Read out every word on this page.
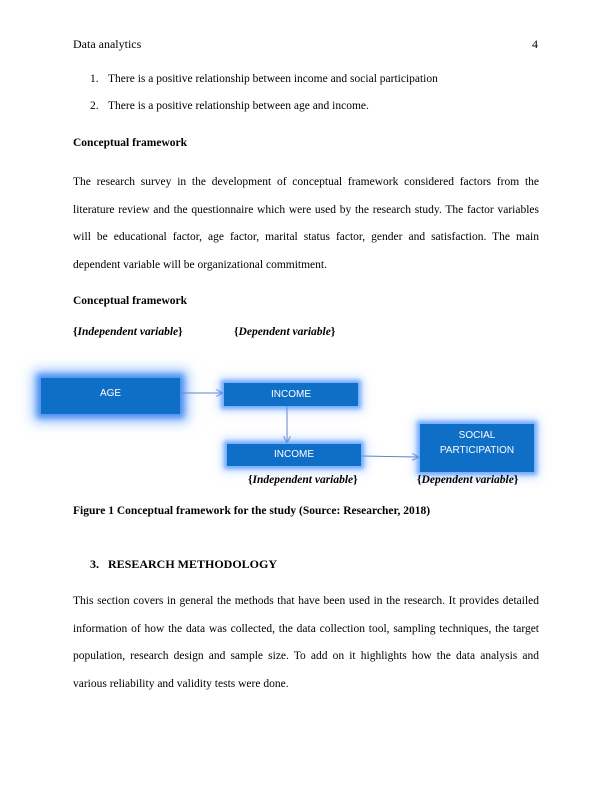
Data analytics	4
1. There is a positive relationship between income and social participation
2. There is a positive relationship between age and income.
Conceptual framework
The research survey in the development of conceptual framework considered factors from the literature review and the questionnaire which were used by the research study. The factor variables will be educational factor, age factor, marital status factor, gender and satisfaction. The main dependent variable will be organizational commitment.
Conceptual framework
{Independent variable}	{Dependent variable}
AGE	INCOME
INCOME
SOCIAL PARTICIPATION
{Independent variable}	{Dependent variable}
Figure 1 Conceptual framework for the study (Source: Researcher, 2018)
3. RESEARCH METHODOLOGY
This section covers in general the methods that have been used in the research. It provides detailed information of how the data was collected, the data collection tool, sampling techniques, the target population, research design and sample size. To add on it highlights how the data analysis and various reliability and validity tests were done.
